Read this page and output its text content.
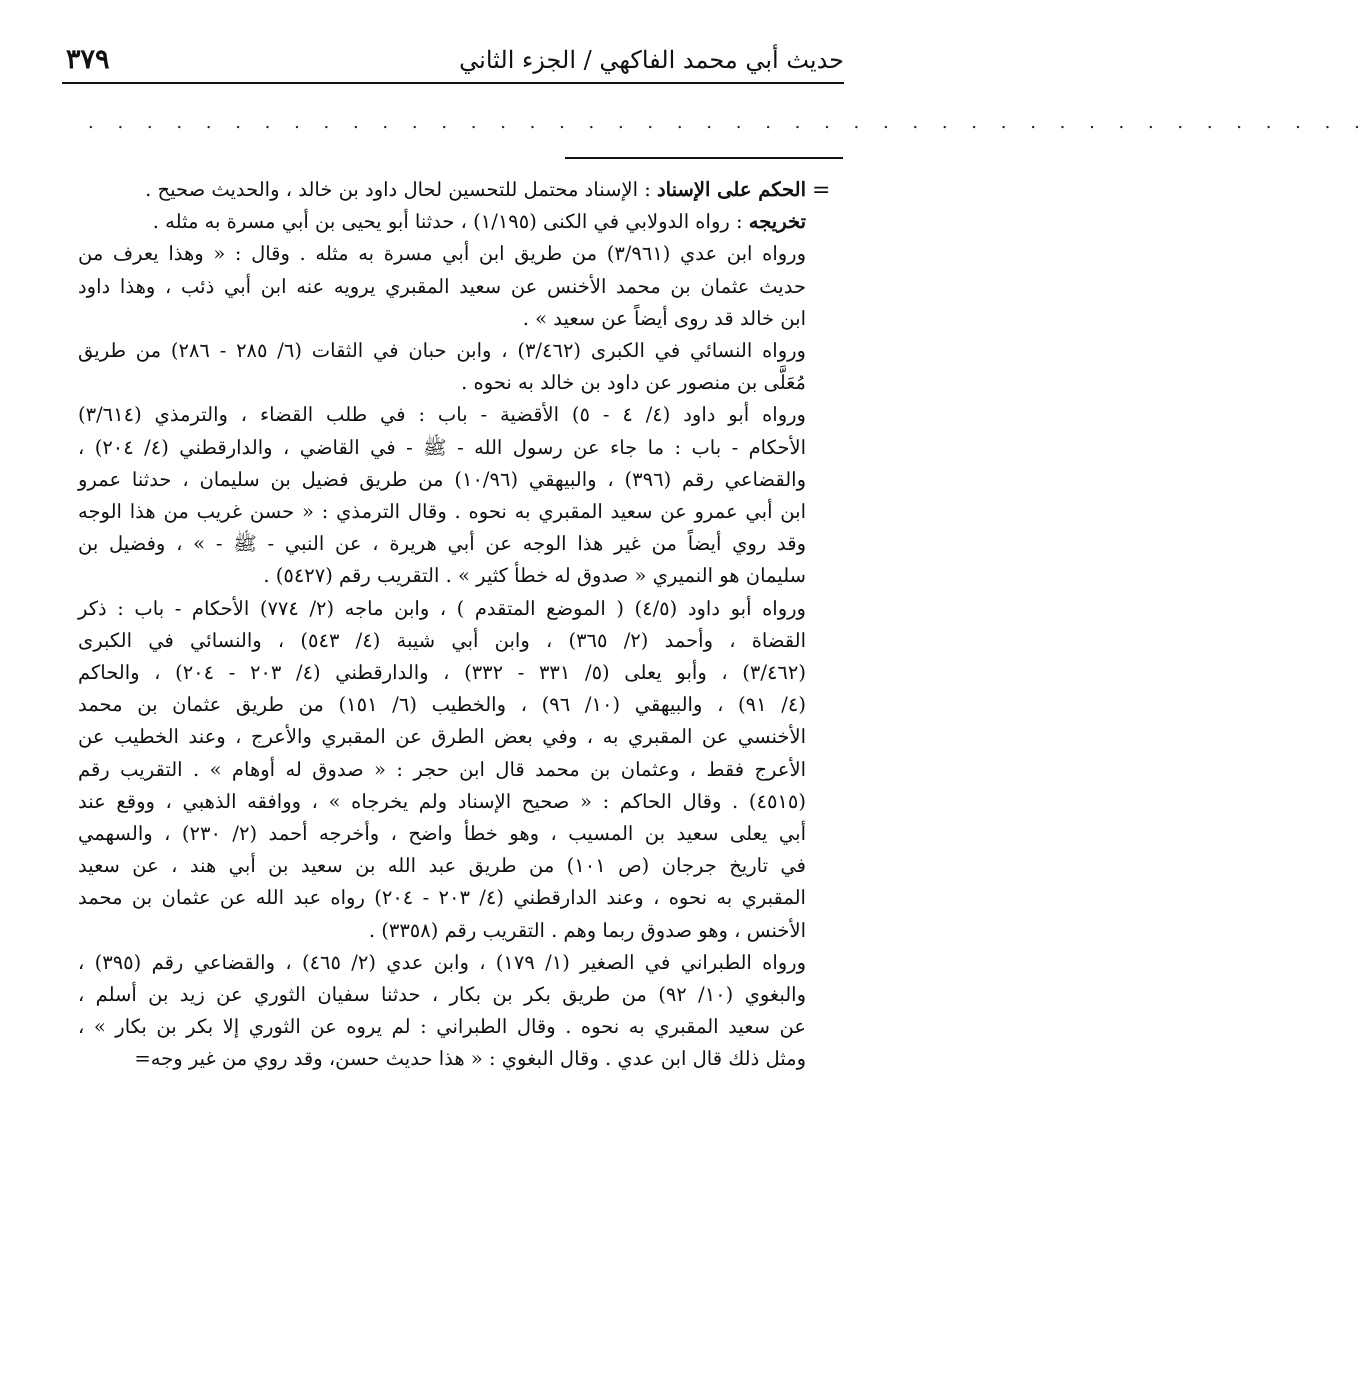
٣٧٩	حديث أبي محمد الفاكهي / الجزء الثاني
. . . . . . . . . . . . . . . . . . . . . . . . . . . . . . . . . . . . . . . . . . . .
=

الحكم على الإسناد : الإسناد محتمل للتحسين لحال داود بن خالد ، والحديث صحيح .

تخريجه : رواه الدولابي في الكنى (١/١٩٥) ، حدثنا أبو يحيى بن أبي مسرة به مثله .

ورواه ابن عدي (٣/٩٦١) من طريق ابن أبي مسرة به مثله . وقال : « وهذا يعرف من
حديث عثمان بن محمد الأخنس عن سعيد المقبري يرويه عنه ابن أبي ذئب ، وهذا داود
ابن خالد قد روى أيضاً عن سعيد » .

ورواه النسائي في الكبرى (٣/٤٦٢) ، وابن حبان في الثقات (٦/ ٢٨٥ - ٢٨٦) من طريق
مُعَلَّى بن منصور عن داود بن خالد به نحوه .

ورواه أبو داود (٤/ ٤ - ٥) الأقضية - باب : في طلب القضاء ، والترمذي (٣/٦١٤)
الأحكام - باب : ما جاء عن رسول الله - ﷺ - في القاضي ، والدارقطني (٤/ ٢٠٤) ،
والقضاعي رقم (٣٩٦) ، والبيهقي (١٠/٩٦) من طريق فضيل بن سليمان ، حدثنا عمرو
ابن أبي عمرو عن سعيد المقبري به نحوه . وقال الترمذي : « حسن غريب من هذا الوجه
وقد روي أيضاً من غير هذا الوجه عن أبي هريرة ، عن النبي - ﷺ - » ، وفضيل بن
سليمان هو النميري « صدوق له خطأ كثير » . التقريب رقم (٥٤٢٧) .

ورواه أبو داود (٤/٥) ( الموضع المتقدم ) ، وابن ماجه (٢/ ٧٧٤) الأحكام - باب : ذكر
القضاة ، وأحمد (٢/ ٣٦٥) ، وابن أبي شيبة (٤/ ٥٤٣) ، والنسائي في الكبرى
(٣/٤٦٢) ، وأبو يعلى (٥/ ٣٣١ - ٣٣٢) ، والدارقطني (٤/ ٢٠٣ - ٢٠٤) ، والحاكم
(٤/ ٩١) ، والبيهقي (١٠/ ٩٦) ، والخطيب (٦/ ١٥١) من طريق عثمان بن محمد
الأخنسي عن المقبري به ، وفي بعض الطرق عن المقبري والأعرج ، وعند الخطيب عن
الأعرج فقط ، وعثمان بن محمد قال ابن حجر : « صدوق له أوهام » . التقريب رقم
(٤٥١٥) . وقال الحاكم : « صحيح الإسناد ولم يخرجاه » ، ووافقه الذهبي ، ووقع عند
أبي يعلى سعيد بن المسيب ، وهو خطأ واضح ، وأخرجه أحمد (٢/ ٢٣٠) ، والسهمي
في تاريخ جرجان (ص ١٠١) من طريق عبد الله بن سعيد بن أبي هند ، عن سعيد
المقبري به نحوه ، وعند الدارقطني (٤/ ٢٠٣ - ٢٠٤) رواه عبد الله عن عثمان بن محمد
الأخنس ، وهو صدوق ربما وهم . التقريب رقم (٣٣٥٨) .

ورواه الطبراني في الصغير (١/ ١٧٩) ، وابن عدي (٢/ ٤٦٥) ، والقضاعي رقم (٣٩٥) ،
والبغوي (١٠/ ٩٢) من طريق بكر بن بكار ، حدثنا سفيان الثوري عن زيد بن أسلم ،
عن سعيد المقبري به نحوه . وقال الطبراني : لم يروه عن الثوري إلا بكر بن بكار » ،
ومثل ذلك قال ابن عدي . وقال البغوي : « هذا حديث حسن، وقد روي من غير وجه=
